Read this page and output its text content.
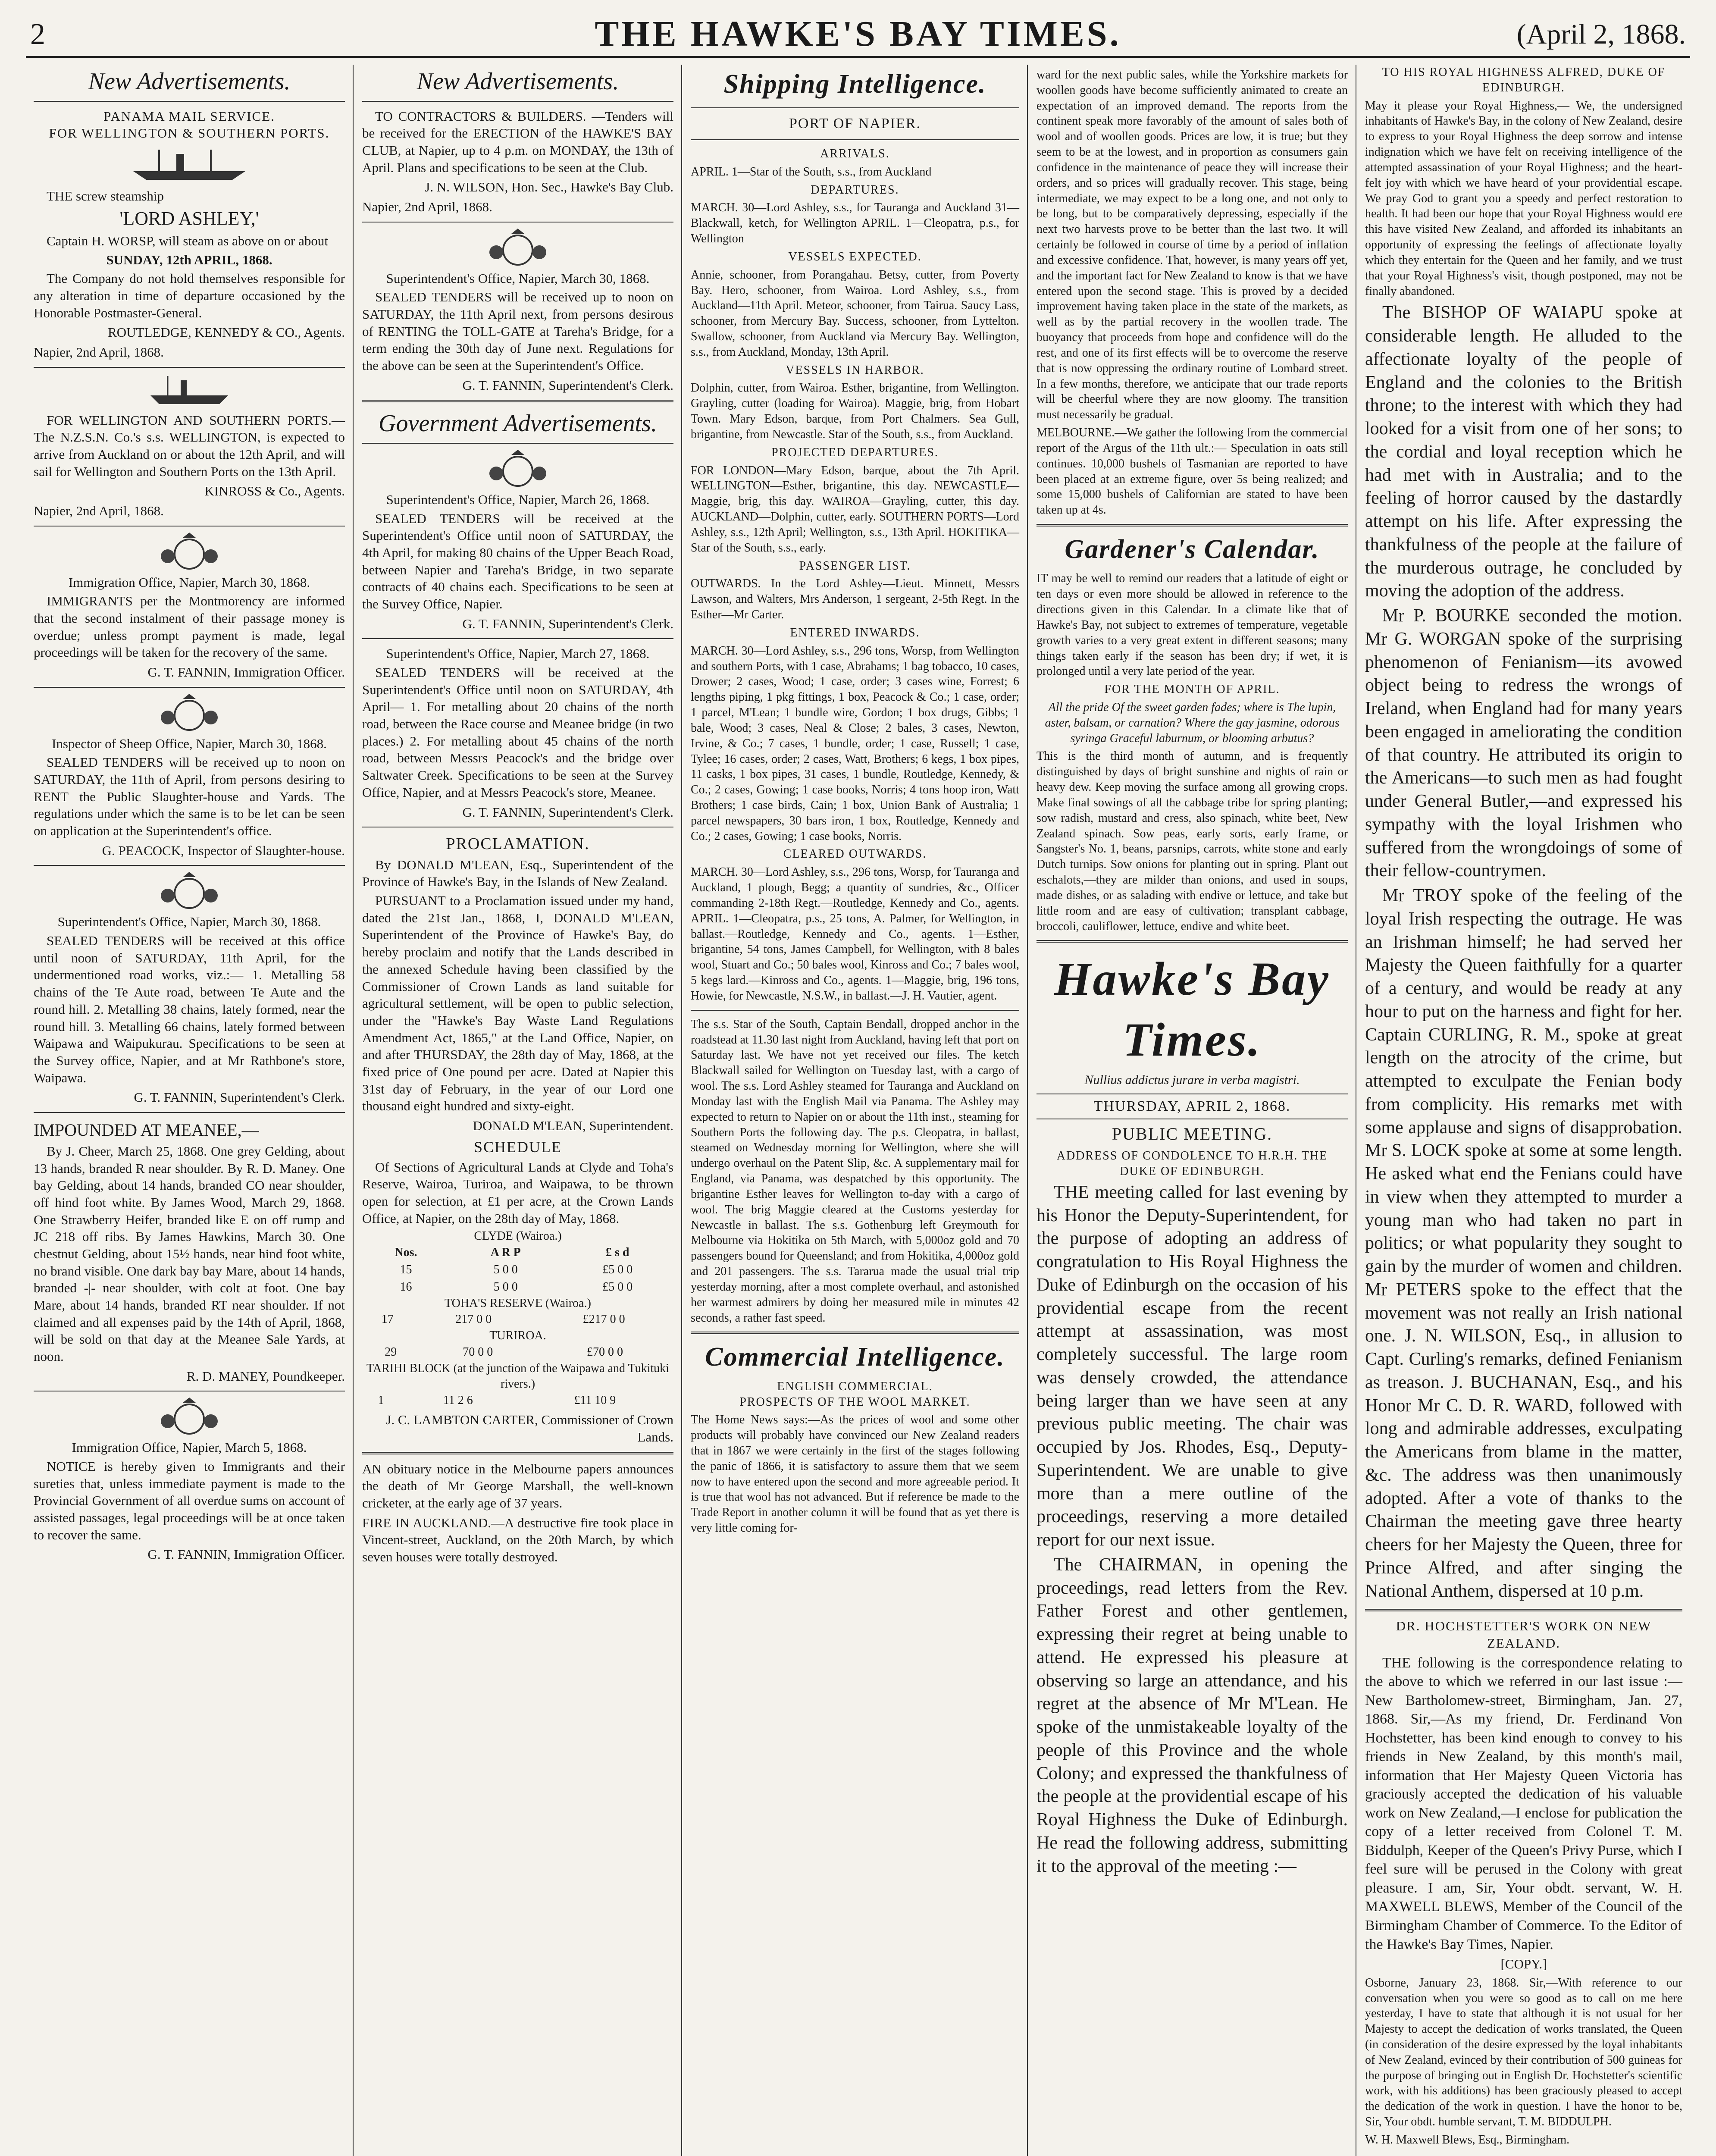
2	THE HAWKE'S BAY TIMES.	(April 2, 1868.
New Advertisements.
PANAMA MAIL SERVICE.
FOR WELLINGTON & SOUTHERN PORTS.

THE screw steamship

'LORD ASHLEY,'

Captain H. WORSP, will steam as above on or about

SUNDAY, 12th APRIL, 1868.

The Company do not hold themselves responsible for any alteration in time of departure occasioned by the Honorable Postmaster-General.

ROUTLEDGE, KENNEDY & CO., Agents.
Napier, 2nd April, 1868.

FOR WELLINGTON AND SOUTHERN PORTS.—The N.Z.S.N. Co.'s s.s. WELLINGTON, is expected to arrive from Auckland on or about the 12th April, and will sail for Wellington and Southern Ports on the 13th April.

KINROSS & Co., Agents.
Napier, 2nd April, 1868.
Immigration Office, Napier, March 30, 1868.

IMMIGRANTS per the Montmorency are informed that the second instalment of their passage money is overdue; unless prompt payment is made, legal proceedings will be taken for the recovery of the same.

G. T. FANNIN, Immigration Officer.
Inspector of Sheep Office, Napier, March 30, 1868.

SEALED TENDERS will be received up to noon on SATURDAY, the 11th of April, from persons desiring to RENT the Public Slaughter-house and Yards. The regulations under which the same is to be let can be seen on application at the Superintendent's office.

G. PEACOCK, Inspector of Slaughter-house.
Superintendent's Office, Napier, March 30, 1868.

SEALED TENDERS will be received at this office until noon of SATURDAY, 11th April, for the undermentioned road works, viz.:— 1. Metalling 58 chains of the Te Aute road, between Te Aute and the round hill. 2. Metalling 38 chains, lately formed, near the round hill. 3. Metalling 66 chains, lately formed between Waipawa and Waipukurau. Specifications to be seen at the Survey office, Napier, and at Mr Rathbone's store, Waipawa.

G. T. FANNIN, Superintendent's Clerk.
IMPOUNDED AT MEANEE,—

By J. Cheer, March 25, 1868. One grey Gelding, about 13 hands, branded R near shoulder. By R. D. Maney. One bay Gelding, about 14 hands, branded CO near shoulder, off hind foot white. By James Wood, March 29, 1868. One Strawberry Heifer, branded like E on off rump and JC 218 off ribs. By James Hawkins, March 30. One chestnut Gelding, about 15½ hands, near hind foot white, no brand visible. One dark bay bay Mare, about 14 hands, branded -|- near shoulder, with colt at foot. One bay Mare, about 14 hands, branded RT near shoulder. If not claimed and all expenses paid by the 14th of April, 1868, will be sold on that day at the Meanee Sale Yards, at noon.

R. D. MANEY, Poundkeeper.
Immigration Office, Napier, March 5, 1868.

NOTICE is hereby given to Immigrants and their sureties that, unless immediate payment is made to the Provincial Government of all overdue sums on account of assisted passages, legal proceedings will be at once taken to recover the same.

G. T. FANNIN, Immigration Officer.
New Advertisements.

TO CONTRACTORS & BUILDERS. —Tenders will be received for the ERECTION of the HAWKE'S BAY CLUB, at Napier, up to 4 p.m. on MONDAY, the 13th of April. Plans and specifications to be seen at the Club.

J. N. WILSON, Hon. Sec., Hawke's Bay Club.
Napier, 2nd April, 1868.
Superintendent's Office, Napier, March 30, 1868.

SEALED TENDERS will be received up to noon on SATURDAY, the 11th April next, from persons desirous of RENTING the TOLL-GATE at Tareha's Bridge, for a term ending the 30th day of June next. Regulations for the above can be seen at the Superintendent's Office.

G. T. FANNIN, Superintendent's Clerk.
Government Advertisements.
Superintendent's Office, Napier, March 26, 1868.

SEALED TENDERS will be received at the Superintendent's Office until noon of SATURDAY, the 4th April, for making 80 chains of the Upper Beach Road, between Napier and Tareha's Bridge, in two separate contracts of 40 chains each. Specifications to be seen at the Survey Office, Napier.

G. T. FANNIN, Superintendent's Clerk.
Superintendent's Office, Napier, March 27, 1868.

SEALED TENDERS will be received at the Superintendent's Office until noon on SATURDAY, 4th April— 1. For metalling about 20 chains of the north road, between the Race course and Meanee bridge (in two places.) 2. For metalling about 45 chains of the north road, between Messrs Peacock's and the bridge over Saltwater Creek. Specifications to be seen at the Survey Office, Napier, and at Messrs Peacock's store, Meanee.

G. T. FANNIN, Superintendent's Clerk.
PROCLAMATION.

By DONALD M'LEAN, Esq., Superintendent of the Province of Hawke's Bay, in the Islands of New Zealand.

PURSUANT to a Proclamation issued under my hand, dated the 21st Jan., 1868, I, DONALD M'LEAN, Superintendent of the Province of Hawke's Bay, do hereby proclaim and notify that the Lands described in the annexed Schedule having been classified by the Commissioner of Crown Lands as land suitable for agricultural settlement, will be open to public selection, under the "Hawke's Bay Waste Land Regulations Amendment Act, 1865," at the Land Office, Napier, on and after THURSDAY, the 28th day of May, 1868, at the fixed price of One pound per acre. Dated at Napier this 31st day of February, in the year of our Lord one thousand eight hundred and sixty-eight.

DONALD M'LEAN, Superintendent.
SCHEDULE

Of Sections of Agricultural Lands at Clyde and Toha's Reserve, Wairoa, Turiroa, and Waipawa, to be thrown open for selection, at £1 per acre, at the Crown Lands Office, at Napier, on the 28th day of May, 1868.

CLYDE (Wairoa.)
Nos.	A R P	£ s d
15	5 0 0	£5 0 0
16	5 0 0	£5 0 0
TOHA'S RESERVE (Wairoa.)
17	217 0 0	£217 0 0
TURIROA.
29	70 0 0	£70 0 0
TARIHI BLOCK (at the junction of the Waipawa and Tukituki rivers.)
1	11 2 6	£11 10 9
J. C. LAMBTON CARTER, Commissioner of Crown Lands.

AN obituary notice in the Melbourne papers announces the death of Mr George Marshall, the well-known cricketer, at the early age of 37 years.

FIRE IN AUCKLAND.—A destructive fire took place in Vincent-street, Auckland, on the 20th March, by which seven houses were totally destroyed.

Shipping Intelligence.
PORT OF NAPIER.
ARRIVALS.

APRIL. 1—Star of the South, s.s., from Auckland

DEPARTURES.

MARCH. 30—Lord Ashley, s.s., for Tauranga and Auckland 31—Blackwall, ketch, for Wellington APRIL. 1—Cleopatra, p.s., for Wellington

VESSELS EXPECTED.

Annie, schooner, from Porangahau. Betsy, cutter, from Poverty Bay. Hero, schooner, from Wairoa. Lord Ashley, s.s., from Auckland—11th April. Meteor, schooner, from Tairua. Saucy Lass, schooner, from Mercury Bay. Success, schooner, from Lyttelton. Swallow, schooner, from Auckland via Mercury Bay. Wellington, s.s., from Auckland, Monday, 13th April.

VESSELS IN HARBOR.

Dolphin, cutter, from Wairoa. Esther, brigantine, from Wellington. Grayling, cutter (loading for Wairoa). Maggie, brig, from Hobart Town. Mary Edson, barque, from Port Chalmers. Sea Gull, brigantine, from Newcastle. Star of the South, s.s., from Auckland.

PROJECTED DEPARTURES.

FOR LONDON—Mary Edson, barque, about the 7th April. WELLINGTON—Esther, brigantine, this day. NEWCASTLE—Maggie, brig, this day. WAIROA—Grayling, cutter, this day. AUCKLAND—Dolphin, cutter, early. SOUTHERN PORTS—Lord Ashley, s.s., 12th April; Wellington, s.s., 13th April. HOKITIKA—Star of the South, s.s., early.

PASSENGER LIST.

OUTWARDS. In the Lord Ashley—Lieut. Minnett, Messrs Lawson, and Walters, Mrs Anderson, 1 sergeant, 2-5th Regt. In the Esther—Mr Carter.

ENTERED INWARDS.

MARCH. 30—Lord Ashley, s.s., 296 tons, Worsp, from Wellington and southern Ports, with 1 case, Abrahams; 1 bag tobacco, 10 cases, Drower; 2 cases, Wood; 1 case, order; 3 cases wine, Forrest; 6 lengths piping, 1 pkg fittings, 1 box, Peacock & Co.; 1 case, order; 1 parcel, M'Lean; 1 bundle wire, Gordon; 1 box drugs, Gibbs; 1 bale, Wood; 3 cases, Neal & Close; 2 bales, 3 cases, Newton, Irvine, & Co.; 7 cases, 1 bundle, order; 1 case, Russell; 1 case, Tylee; 16 cases, order; 2 cases, Watt, Brothers; 6 kegs, 1 box pipes, 11 casks, 1 box pipes, 31 cases, 1 bundle, Routledge, Kennedy, & Co.; 2 cases, Gowing; 1 case books, Norris; 4 tons hoop iron, Watt Brothers; 1 case birds, Cain; 1 box, Union Bank of Australia; 1 parcel newspapers, 30 bars iron, 1 box, Routledge, Kennedy and Co.; 2 cases, Gowing; 1 case books, Norris.

CLEARED OUTWARDS.

MARCH. 30—Lord Ashley, s.s., 296 tons, Worsp, for Tauranga and Auckland, 1 plough, Begg; a quantity of sundries, &c., Officer commanding 2-18th Regt.—Routledge, Kennedy and Co., agents. APRIL. 1—Cleopatra, p.s., 25 tons, A. Palmer, for Wellington, in ballast.—Routledge, Kennedy and Co., agents. 1—Esther, brigantine, 54 tons, James Campbell, for Wellington, with 8 bales wool, Stuart and Co.; 50 bales wool, Kinross and Co.; 7 bales wool, 5 kegs lard.—Kinross and Co., agents. 1—Maggie, brig, 196 tons, Howie, for Newcastle, N.S.W., in ballast.—J. H. Vautier, agent.

The s.s. Star of the South, Captain Bendall, dropped anchor in the roadstead at 11.30 last night from Auckland, having left that port on Saturday last. We have not yet received our files. The ketch Blackwall sailed for Wellington on Tuesday last, with a cargo of wool. The s.s. Lord Ashley steamed for Tauranga and Auckland on Monday last with the English Mail via Panama. The Ashley may expected to return to Napier on or about the 11th inst., steaming for Southern Ports the following day. The p.s. Cleopatra, in ballast, steamed on Wednesday morning for Wellington, where she will undergo overhaul on the Patent Slip, &c. A supplementary mail for England, via Panama, was despatched by this opportunity. The brigantine Esther leaves for Wellington to-day with a cargo of wool. The brig Maggie cleared at the Customs yesterday for Newcastle in ballast. The s.s. Gothenburg left Greymouth for Melbourne via Hokitika on 5th March, with 5,000oz gold and 70 passengers bound for Queensland; and from Hokitika, 4,000oz gold and 201 passengers. The s.s. Tararua made the usual trial trip yesterday morning, after a most complete overhaul, and astonished her warmest admirers by doing her measured mile in minutes 42 seconds, a rather fast speed.

Commercial Intelligence.
ENGLISH COMMERCIAL.
PROSPECTS OF THE WOOL MARKET.

The Home News says:—As the prices of wool and some other products will probably have convinced our New Zealand readers that in 1867 we were certainly in the first of the stages following the panic of 1866, it is satisfactory to assure them that we seem now to have entered upon the second and more agreeable period. It is true that wool has not advanced. But if reference be made to the Trade Report in another column it will be found that as yet there is very little coming for-

ward for the next public sales, while the Yorkshire markets for woollen goods have become sufficiently animated to create an expectation of an improved demand. The reports from the continent speak more favorably of the amount of sales both of wool and of woollen goods. Prices are low, it is true; but they seem to be at the lowest, and in proportion as consumers gain confidence in the maintenance of peace they will increase their orders, and so prices will gradually recover. This stage, being intermediate, we may expect to be a long one, and not only to be long, but to be comparatively depressing, especially if the next two harvests prove to be better than the last two. It will certainly be followed in course of time by a period of inflation and excessive confidence. That, however, is many years off yet, and the important fact for New Zealand to know is that we have entered upon the second stage. This is proved by a decided improvement having taken place in the state of the markets, as well as by the partial recovery in the woollen trade. The buoyancy that proceeds from hope and confidence will do the rest, and one of its first effects will be to overcome the reserve that is now oppressing the ordinary routine of Lombard street. In a few months, therefore, we anticipate that our trade reports will be cheerful where they are now gloomy. The transition must necessarily be gradual.

MELBOURNE.—We gather the following from the commercial report of the Argus of the 11th ult.:— Speculation in oats still continues. 10,000 bushels of Tasmanian are reported to have been placed at an extreme figure, over 5s being realized; and some 15,000 bushels of Californian are stated to have been taken up at 4s.

Gardener's Calendar.

IT may be well to remind our readers that a latitude of eight or ten days or even more should be allowed in reference to the directions given in this Calendar. In a climate like that of Hawke's Bay, not subject to extremes of temperature, vegetable growth varies to a very great extent in different seasons; many things taken early if the season has been dry; if wet, it is prolonged until a very late period of the year.

FOR THE MONTH OF APRIL.

All the pride Of the sweet garden fades; where is The lupin, aster, balsam, or carnation? Where the gay jasmine, odorous syringa Graceful laburnum, or blooming arbutus?

This is the third month of autumn, and is frequently distinguished by days of bright sunshine and nights of rain or heavy dew. Keep moving the surface among all growing crops. Make final sowings of all the cabbage tribe for spring planting; sow radish, mustard and cress, also spinach, white beet, New Zealand spinach. Sow peas, early sorts, early frame, or Sangster's No. 1, beans, parsnips, carrots, white stone and early Dutch turnips. Sow onions for planting out in spring. Plant out eschalots,—they are milder than onions, and used in soups, made dishes, or as salading with endive or lettuce, and take but little room and are easy of cultivation; transplant cabbage, broccoli, cauliflower, lettuce, endive and white beet.

Hawke's Bay Times.
Nullius addictus jurare in verba magistri.
THURSDAY, APRIL 2, 1868.
PUBLIC MEETING.
ADDRESS OF CONDOLENCE TO H.R.H. THE DUKE OF EDINBURGH.

THE meeting called for last evening by his Honor the Deputy-Superintendent, for the purpose of adopting an address of congratulation to His Royal Highness the Duke of Edinburgh on the occasion of his providential escape from the recent attempt at assassination, was most completely successful. The large room was densely crowded, the attendance being larger than we have seen at any previous public meeting. The chair was occupied by Jos. Rhodes, Esq., Deputy-Superintendent. We are unable to give more than a mere outline of the proceedings, reserving a more detailed report for our next issue.

The CHAIRMAN, in opening the proceedings, read letters from the Rev. Father Forest and other gentlemen, expressing their regret at being unable to attend. He expressed his pleasure at observing so large an attendance, and his regret at the absence of Mr M'Lean. He spoke of the unmistakeable loyalty of the people of this Province and the whole Colony; and expressed the thankfulness of the people at the providential escape of his Royal Highness the Duke of Edinburgh. He read the following address, submitting it to the approval of the meeting :—

TO HIS ROYAL HIGHNESS ALFRED, DUKE OF EDINBURGH.

May it please your Royal Highness,— We, the undersigned inhabitants of Hawke's Bay, in the colony of New Zealand, desire to express to your Royal Highness the deep sorrow and intense indignation which we have felt on receiving intelligence of the attempted assassination of your Royal Highness; and the heart-felt joy with which we have heard of your providential escape. We pray God to grant you a speedy and perfect restoration to health. It had been our hope that your Royal Highness would ere this have visited New Zealand, and afforded its inhabitants an opportunity of expressing the feelings of affectionate loyalty which they entertain for the Queen and her family, and we trust that your Royal Highness's visit, though postponed, may not be finally abandoned.

The BISHOP OF WAIAPU spoke at considerable length. He alluded to the affectionate loyalty of the people of England and the colonies to the British throne; to the interest with which they had looked for a visit from one of her sons; to the cordial and loyal reception which he had met with in Australia; and to the feeling of horror caused by the dastardly attempt on his life. After expressing the thankfulness of the people at the failure of the murderous outrage, he concluded by moving the adoption of the address.

Mr P. BOURKE seconded the motion. Mr G. WORGAN spoke of the surprising phenomenon of Fenianism—its avowed object being to redress the wrongs of Ireland, when England had for many years been engaged in ameliorating the condition of that country. He attributed its origin to the Americans—to such men as had fought under General Butler,—and expressed his sympathy with the loyal Irishmen who suffered from the wrongdoings of some of their fellow-countrymen.

Mr TROY spoke of the feeling of the loyal Irish respecting the outrage. He was an Irishman himself; he had served her Majesty the Queen faithfully for a quarter of a century, and would be ready at any hour to put on the harness and fight for her. Captain CURLING, R. M., spoke at great length on the atrocity of the crime, but attempted to exculpate the Fenian body from complicity. His remarks met with some applause and signs of disapprobation. Mr S. LOCK spoke at some at some length. He asked what end the Fenians could have in view when they attempted to murder a young man who had taken no part in politics; or what popularity they sought to gain by the murder of women and children. Mr PETERS spoke to the effect that the movement was not really an Irish national one. J. N. WILSON, Esq., in allusion to Capt. Curling's remarks, defined Fenianism as treason. J. BUCHANAN, Esq., and his Honor Mr C. D. R. WARD, followed with long and admirable addresses, exculpating the Americans from blame in the matter, &c. The address was then unanimously adopted. After a vote of thanks to the Chairman the meeting gave three hearty cheers for her Majesty the Queen, three for Prince Alfred, and after singing the National Anthem, dispersed at 10 p.m.

DR. HOCHSTETTER'S WORK ON NEW ZEALAND.

THE following is the correspondence relating to the above to which we referred in our last issue :— New Bartholomew-street, Birmingham, Jan. 27, 1868. Sir,—As my friend, Dr. Ferdinand Von Hochstetter, has been kind enough to convey to his friends in New Zealand, by this month's mail, information that Her Majesty Queen Victoria has graciously accepted the dedication of his valuable work on New Zealand,—I enclose for publication the copy of a letter received from Colonel T. M. Biddulph, Keeper of the Queen's Privy Purse, which I feel sure will be perused in the Colony with great pleasure. I am, Sir, Your obdt. servant, W. H. MAXWELL BLEWS, Member of the Council of the Birmingham Chamber of Commerce. To the Editor of the Hawke's Bay Times, Napier.

[COPY.]

Osborne, January 23, 1868. Sir,—With reference to our conversation when you were so good as to call on me here yesterday, I have to state that although it is not usual for her Majesty to accept the dedication of works translated, the Queen (in consideration of the desire expressed by the loyal inhabitants of New Zealand, evinced by their contribution of 500 guineas for the purpose of bringing out in English Dr. Hochstetter's scientific work, with his additions) has been graciously pleased to accept the dedication of the work in question. I have the honor to be, Sir, Your obdt. humble servant, T. M. BIDDULPH.

W. H. Maxwell Blews, Esq., Birmingham.
